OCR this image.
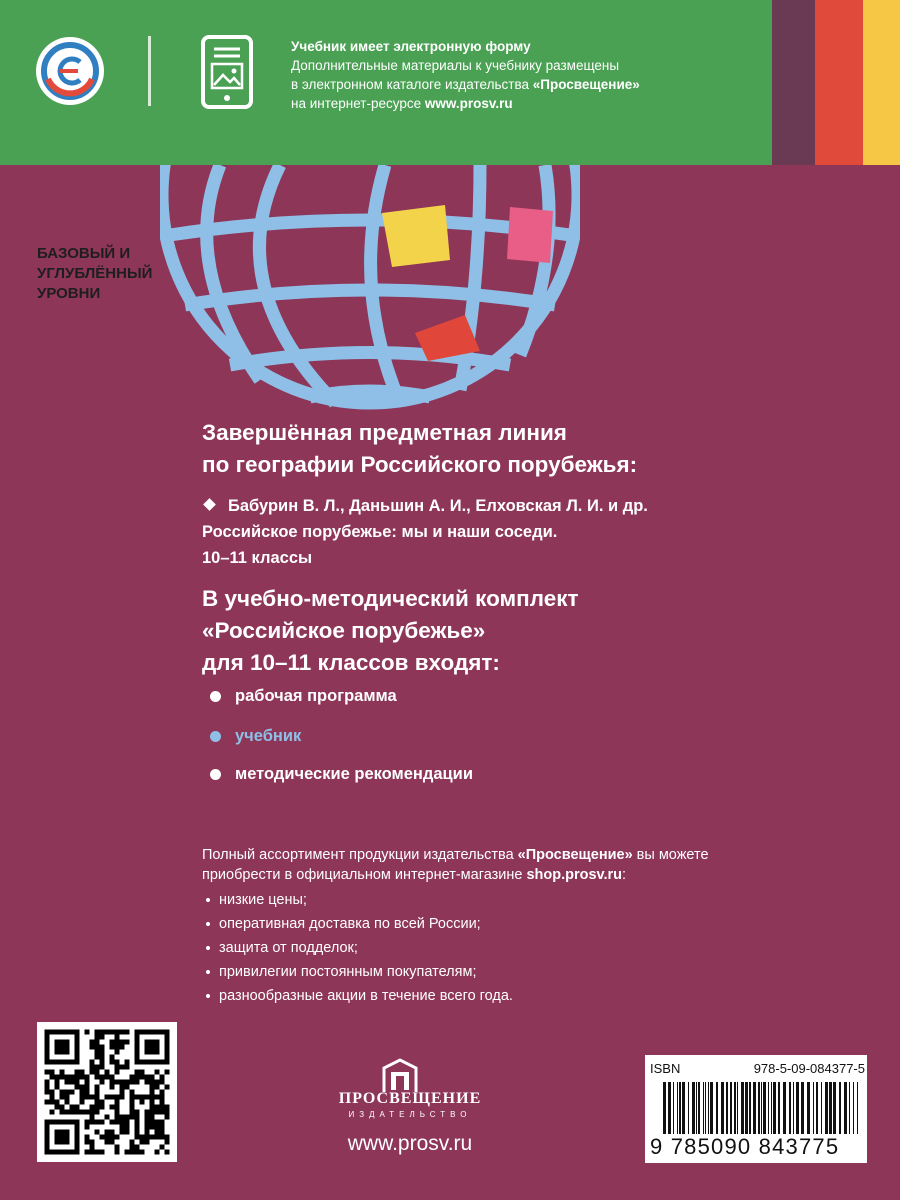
Учебник имеет электронную форму
Дополнительные материалы к учебнику размещены
в электронном каталоге издательства «Просвещение»
на интернет-ресурсе www.prosv.ru
БАЗОВЫЙ И УГЛУБЛЁННЫЙ УРОВНИ
Завершённая предметная линия
по географии Российского порубежья:
Бабурин В. Л., Даньшин А. И., Елховская Л. И. и др.
Российское порубежье: мы и наши соседи.
10–11 классы
В учебно-методический комплект
«Российское порубежье»
для 10–11 классов входят:
рабочая программа
учебник
методические рекомендации
Полный ассортимент продукции издательства «Просвещение» вы можете
приобрести в официальном интернет-магазине shop.prosv.ru:
низкие цены;
оперативная доставка по всей России;
защита от подделок;
привилегии постоянным покупателям;
разнообразные акции в течение всего года.
ПРОСВЕЩЕНИЕ
ИЗДАТЕЛЬСТВО
www.prosv.ru
ISBN	978-5-09-084377-5
9 785090 843775
